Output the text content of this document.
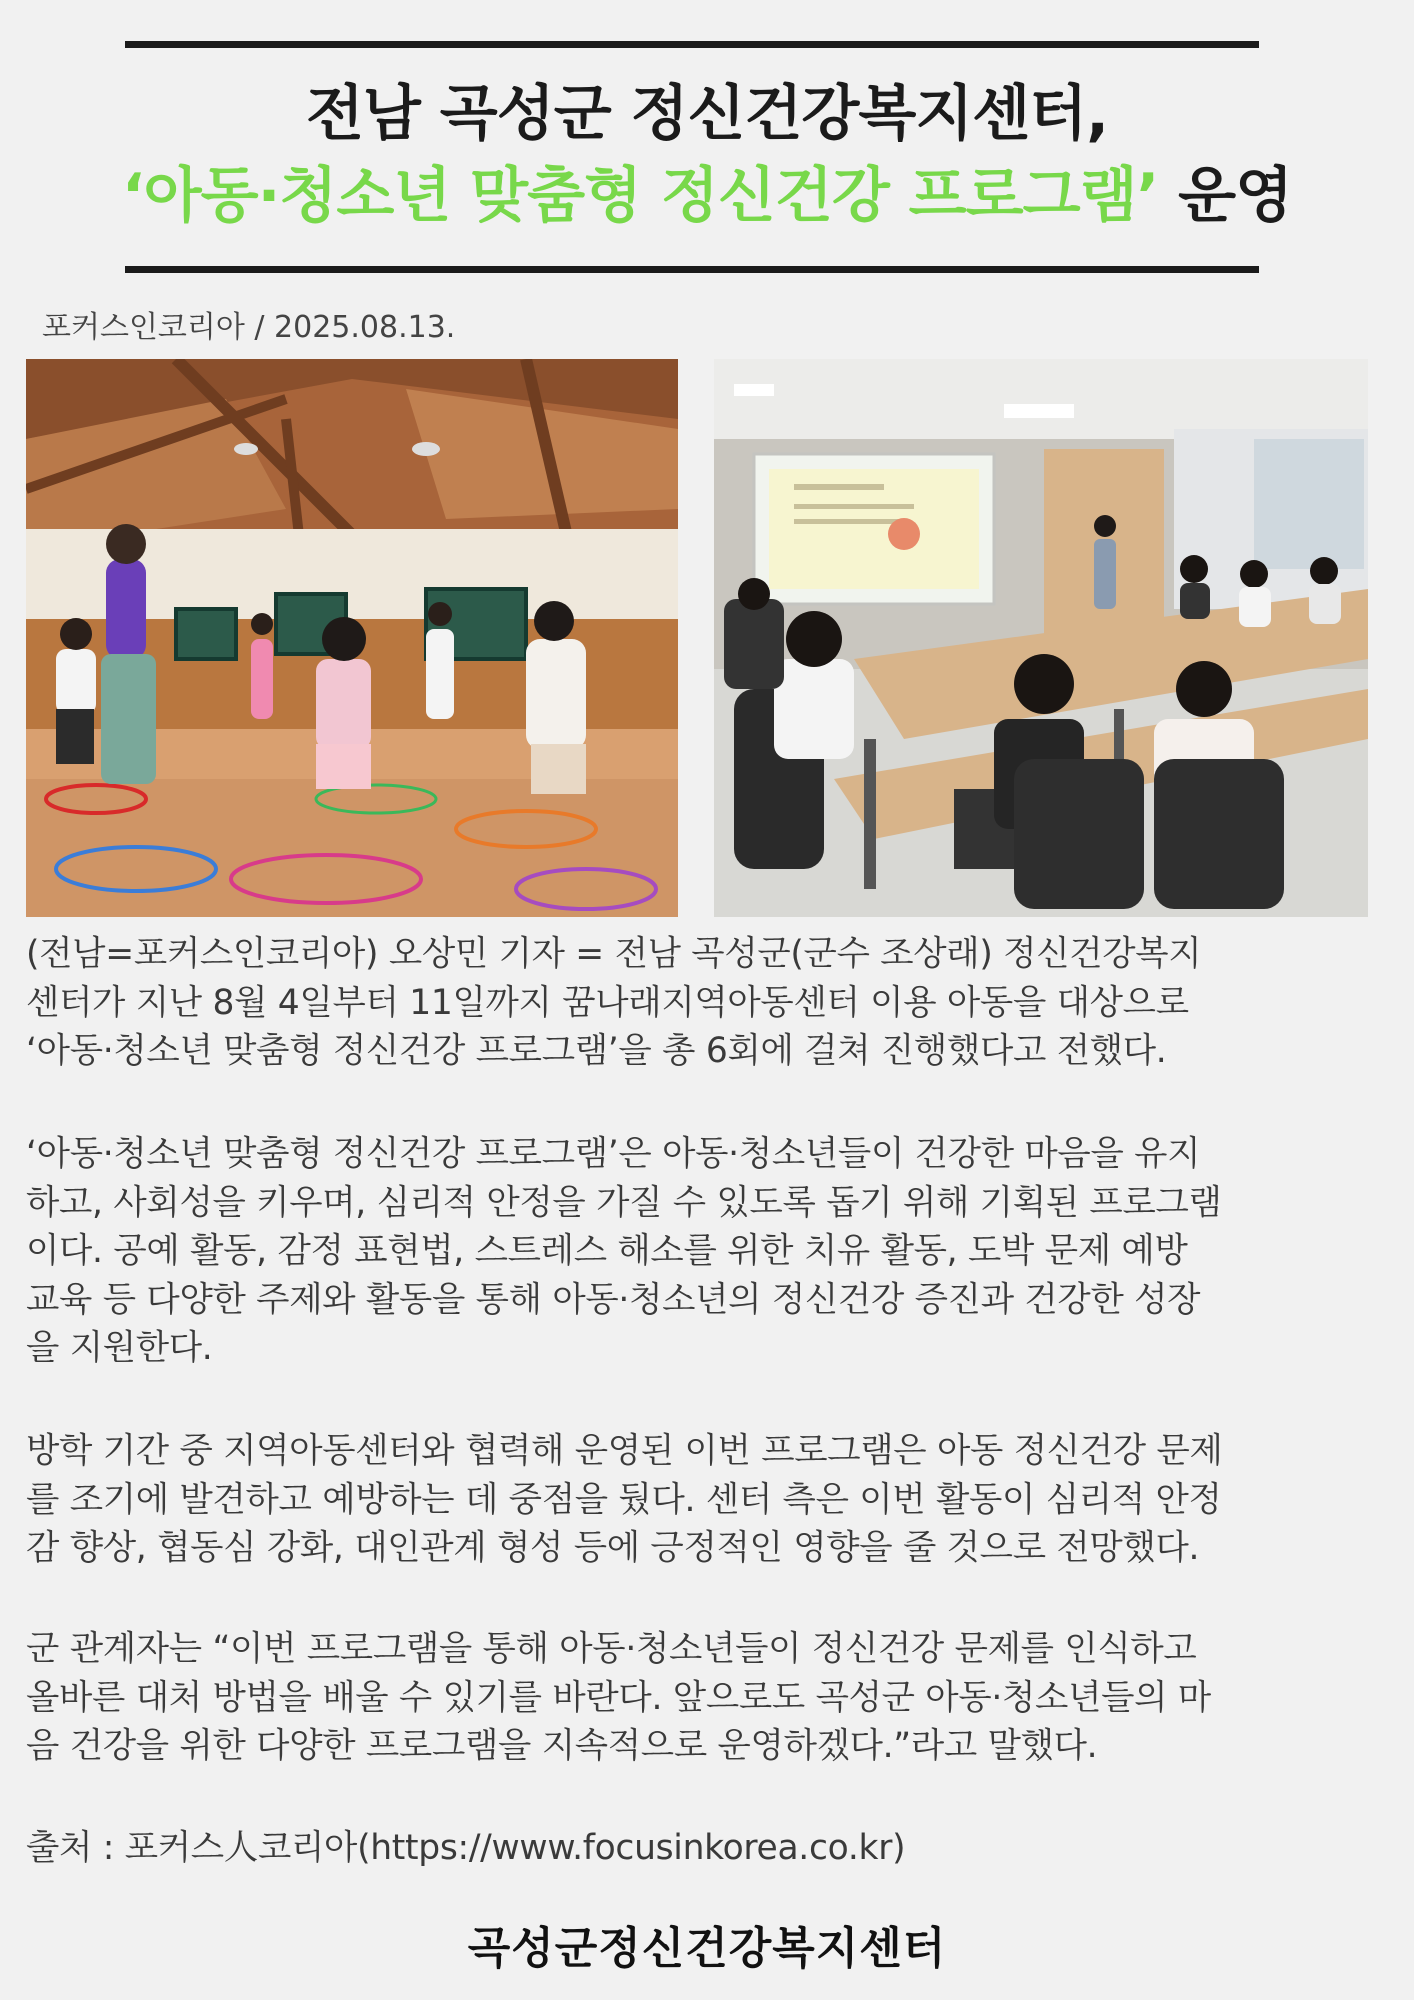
전남 곡성군 정신건강복지센터,
‘아동·청소년 맞춤형 정신건강 프로그램’ 운영
포커스인코리아 / 2025.08.13.
(전남=포커스인코리아) 오상민 기자 = 전남 곡성군(군수 조상래) 정신건강복지
센터가 지난 8월 4일부터 11일까지 꿈나래지역아동센터 이용 아동을 대상으로
‘아동·청소년 맞춤형 정신건강 프로그램’을 총 6회에 걸쳐 진행했다고 전했다.
‘아동·청소년 맞춤형 정신건강 프로그램’은 아동·청소년들이 건강한 마음을 유지
하고, 사회성을 키우며, 심리적 안정을 가질 수 있도록 돕기 위해 기획된 프로그램
이다. 공예 활동, 감정 표현법, 스트레스 해소를 위한 치유 활동, 도박 문제 예방
교육 등 다양한 주제와 활동을 통해 아동·청소년의 정신건강 증진과 건강한 성장
을 지원한다.
방학 기간 중 지역아동센터와 협력해 운영된 이번 프로그램은 아동 정신건강 문제
를 조기에 발견하고 예방하는 데 중점을 뒀다. 센터 측은 이번 활동이 심리적 안정
감 향상, 협동심 강화, 대인관계 형성 등에 긍정적인 영향을 줄 것으로 전망했다.
군 관계자는 “이번 프로그램을 통해 아동·청소년들이 정신건강 문제를 인식하고
올바른 대처 방법을 배울 수 있기를 바란다. 앞으로도 곡성군 아동·청소년들의 마
음 건강을 위한 다양한 프로그램을 지속적으로 운영하겠다.”라고 말했다.
출처 : 포커스人코리아(https://www.focusinkorea.co.kr)
곡성군정신건강복지센터
